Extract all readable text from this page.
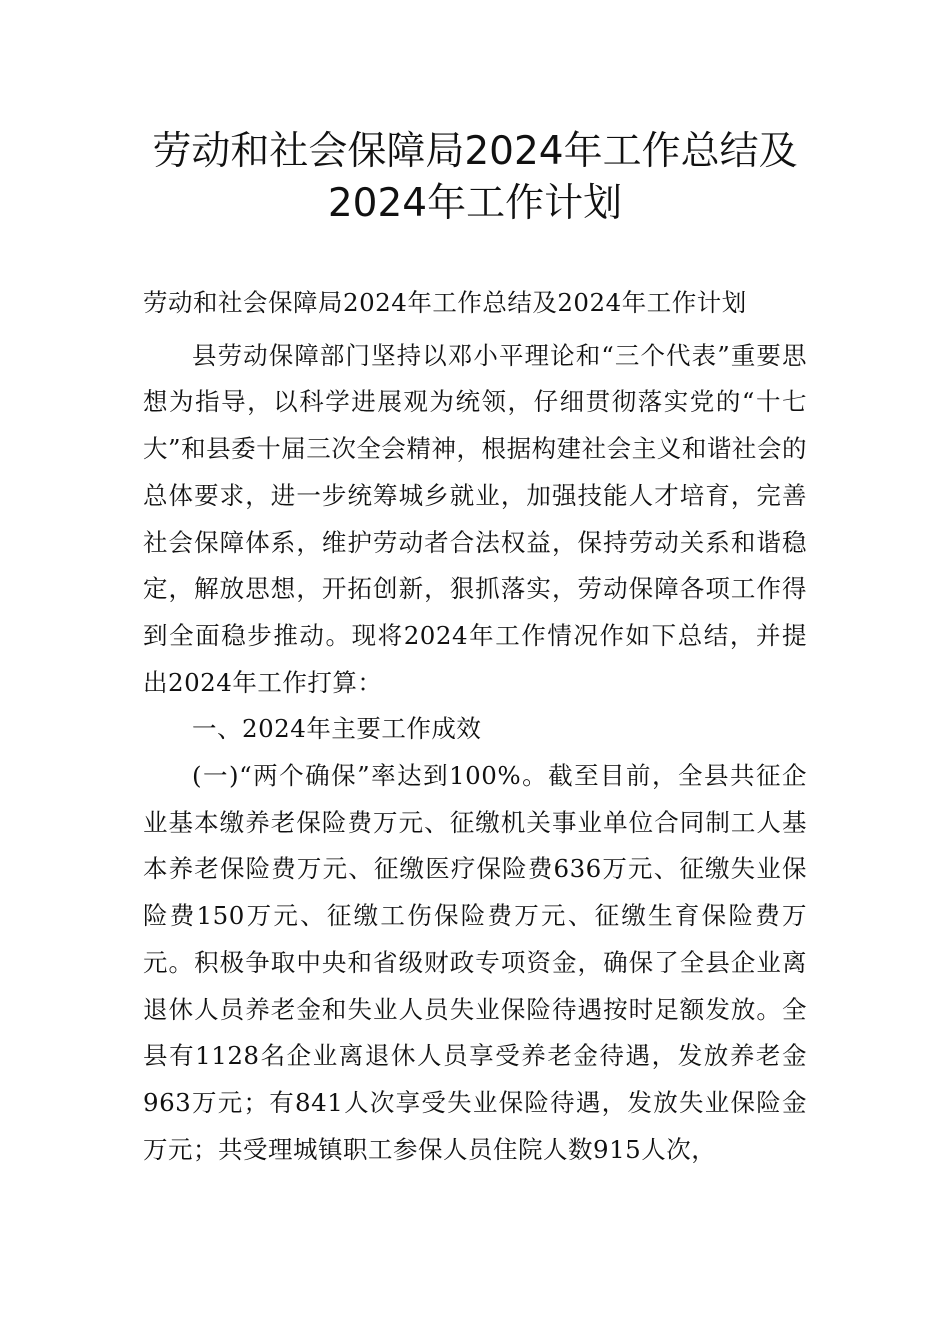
劳动和社会保障局2024年工作总结及
2024年工作计划

劳动和社会保障局2024年工作总结及2024年工作计划

县劳动保障部门坚持以邓小平理论和“三个代表”重要思想为指导，以科学进展观为统领，仔细贯彻落实党的“十七大”和县委十届三次全会精神，根据构建社会主义和谐社会的总体要求，进一步统筹城乡就业，加强技能人才培育，完善社会保障体系，维护劳动者合法权益，保持劳动关系和谐稳定，解放思想，开拓创新，狠抓落实，劳动保障各项工作得到全面稳步推动。现将2024年工作情况作如下总结，并提出2024年工作打算：

一、2024年主要工作成效

(一)“两个确保”率达到100%。截至目前，全县共征企业基本缴养老保险费万元、征缴机关事业单位合同制工人基本养老保险费万元、征缴医疗保险费636万元、征缴失业保险费150万元、征缴工伤保险费万元、征缴生育保险费万元。积极争取中央和省级财政专项资金，确保了全县企业离退休人员养老金和失业人员失业保险待遇按时足额发放。全县有1128名企业离退休人员享受养老金待遇，发放养老金963万元；有841人次享受失业保险待遇，发放失业保险金万元；共受理城镇职工参保人员住院人数915人次，
